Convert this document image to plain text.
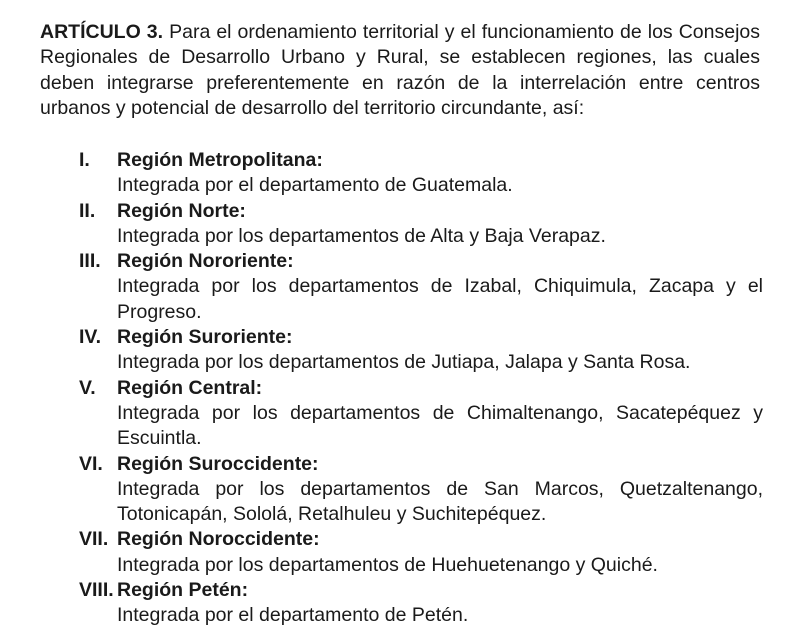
ARTÍCULO 3. Para el ordenamiento territorial y el funcionamiento de los Consejos Regionales de Desarrollo Urbano y Rural, se establecen regiones, las cuales deben integrarse preferentemente en razón de la interrelación entre centros urbanos y potencial de desarrollo del territorio circundante, así:

I. Región Metropolitana:
Integrada por el departamento de Guatemala.
II. Región Norte:
Integrada por los departamentos de Alta y Baja Verapaz.
III. Región Nororiente:
Integrada por los departamentos de Izabal, Chiquimula, Zacapa y el Progreso.
IV. Región Suroriente:
Integrada por los departamentos de Jutiapa, Jalapa y Santa Rosa.
V. Región Central:
Integrada por los departamentos de Chimaltenango, Sacatepéquez y Escuintla.
VI. Región Suroccidente:
Integrada por los departamentos de San Marcos, Quetzaltenango, Totonicapán, Sololá, Retalhuleu y Suchitepéquez.
VII. Región Noroccidente:
Integrada por los departamentos de Huehuetenango y Quiché.
VIII. Región Petén:
Integrada por el departamento de Petén.
